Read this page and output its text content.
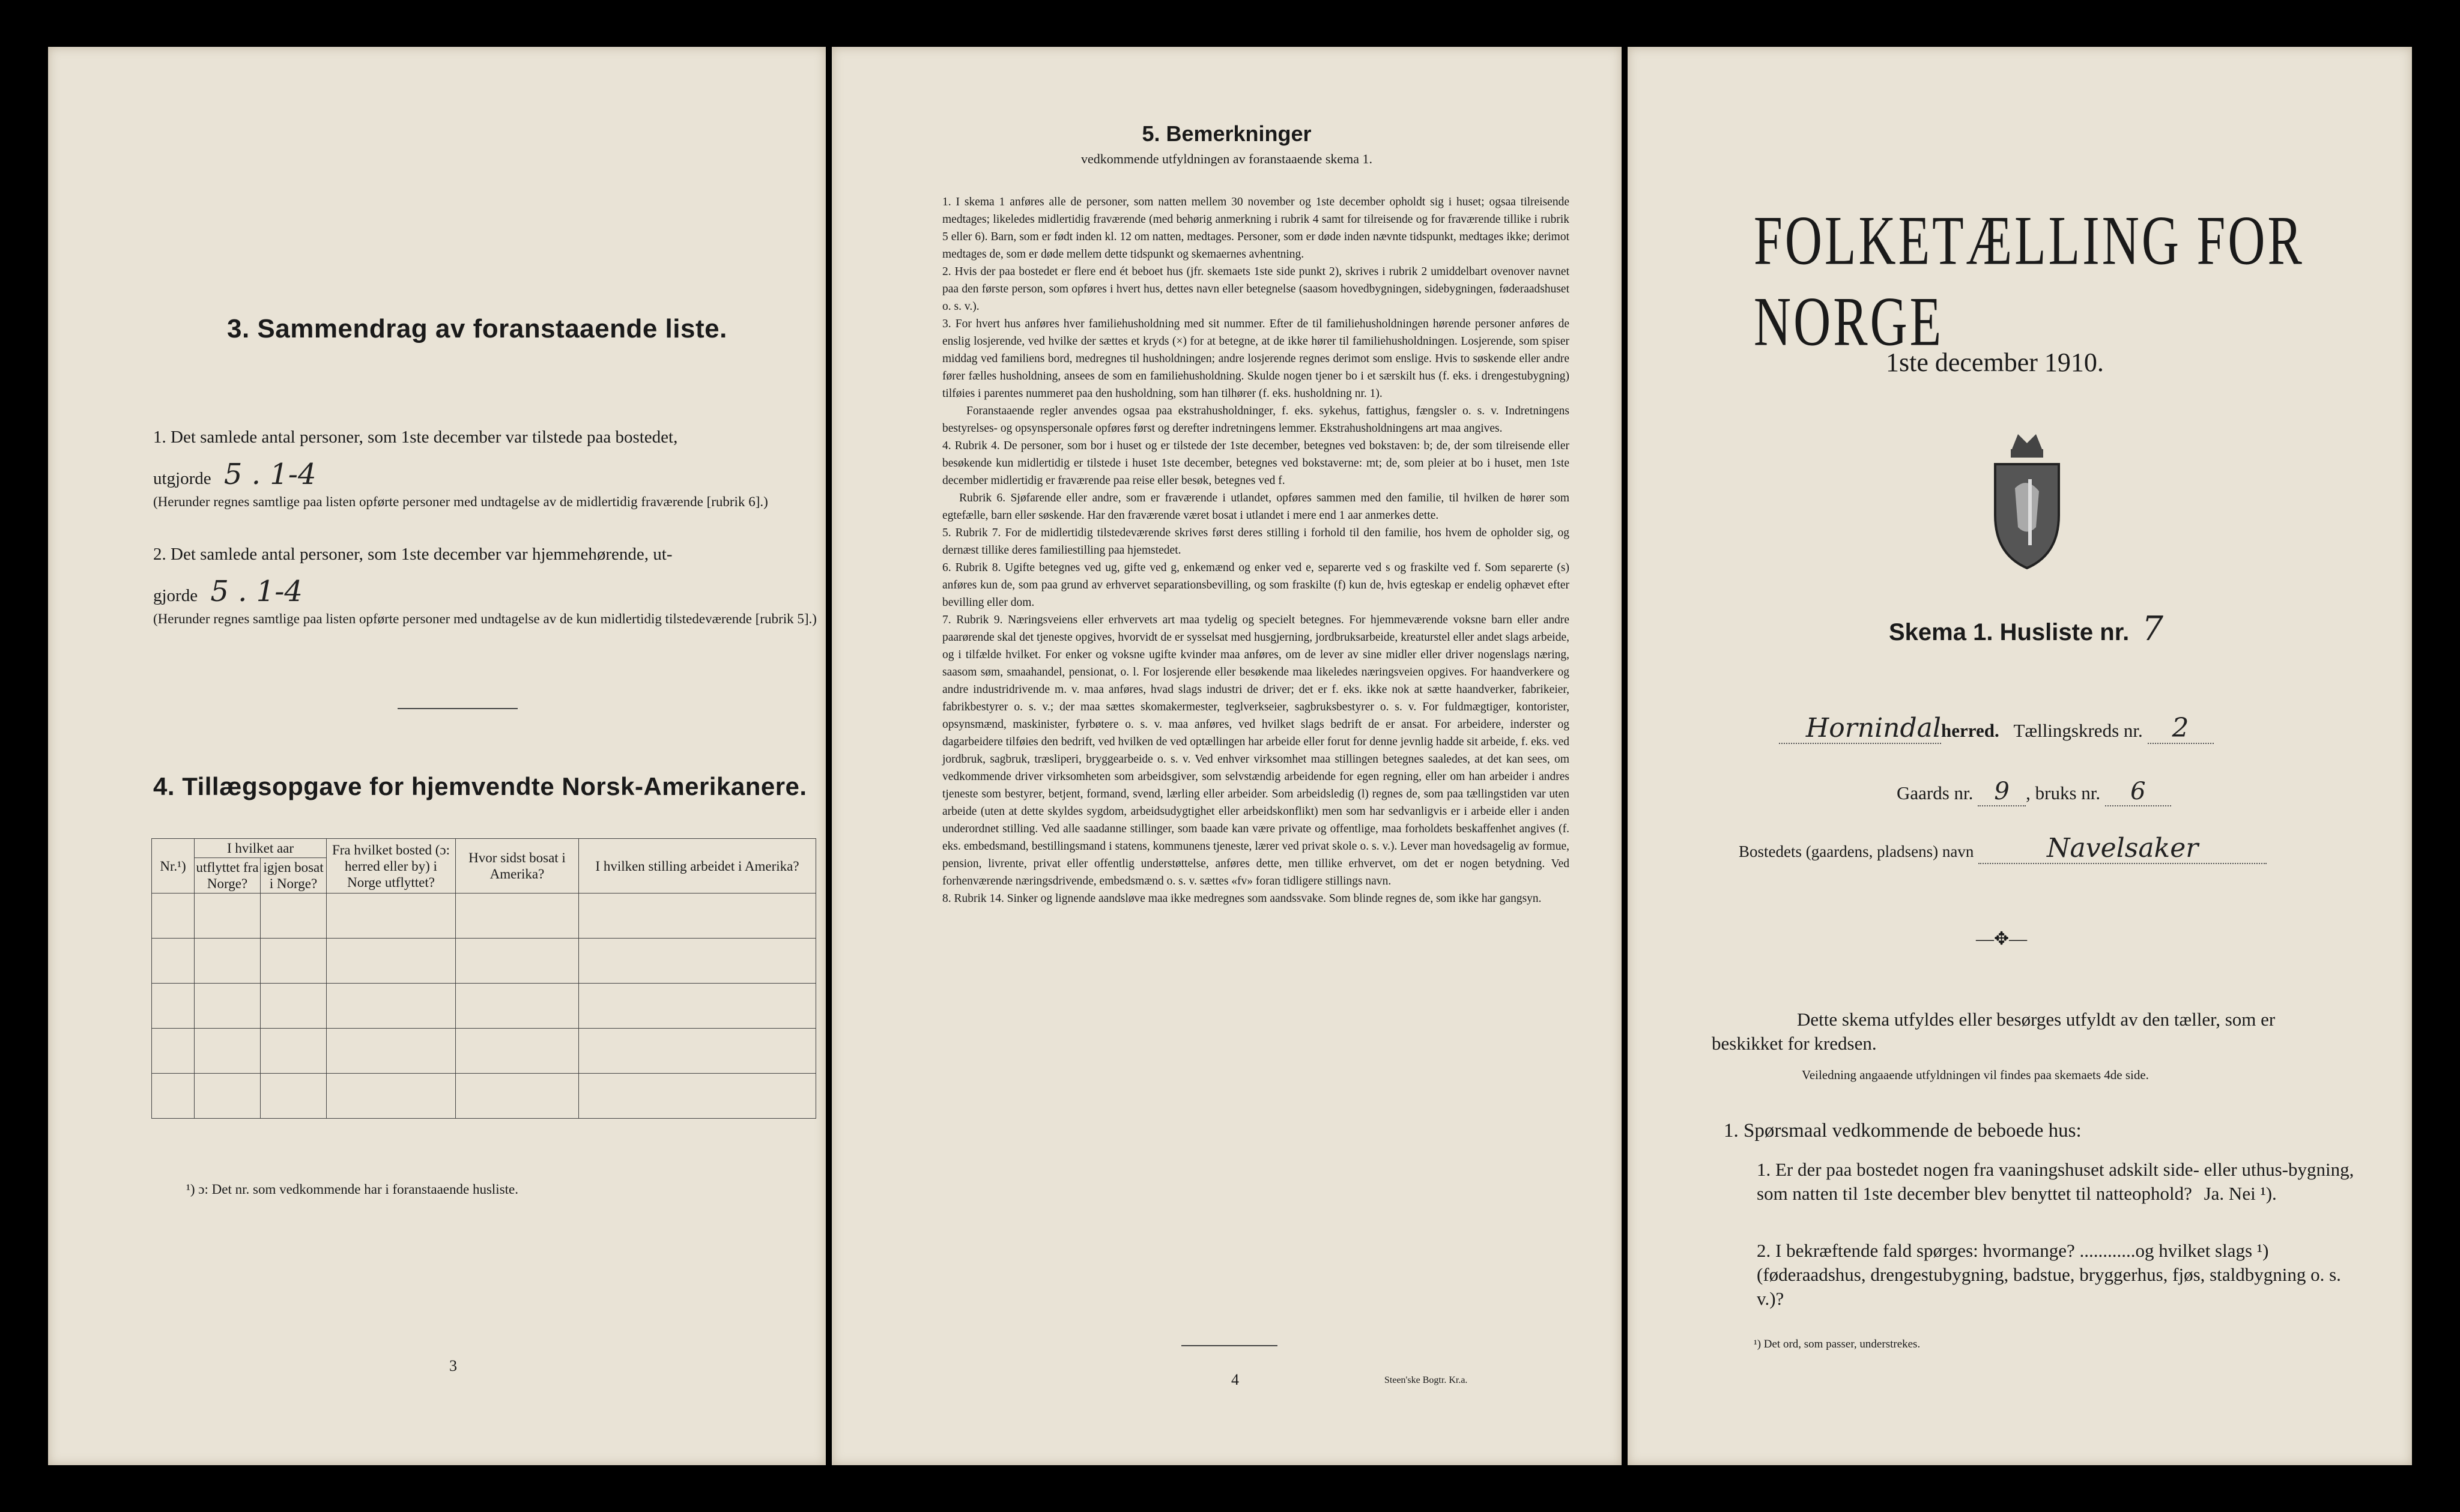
3. Sammendrag av foranstaaende liste.
1. Det samlede antal personer, som 1ste december var tilstede paa bostedet,
utgjorde 5 . 1-4
(Herunder regnes samtlige paa listen opførte personer med undtagelse av de midlertidig fraværende [rubrik 6].)
2. Det samlede antal personer, som 1ste december var hjemmehørende, ut-
gjorde 5 . 1-4
(Herunder regnes samtlige paa listen opførte personer med undtagelse av de kun midlertidig tilstedeværende [rubrik 5].)
4. Tillægsopgave for hjemvendte Norsk-Amerikanere.
Nr.¹)	I hvilket aar		Fra hvilket bosted (ɔ: herred eller by) i Norge utflyttet?	Hvor sidst bosat i Amerika?	I hvilken stilling arbeidet i Amerika?
	utflyttet fra Norge?	igjen bosat i Norge?			

¹) ɔ: Det nr. som vedkommende har i foranstaaende husliste.
3
5. Bemerkninger
vedkommende utfyldningen av foranstaaende skema 1.

1. I skema 1 anføres alle de personer, som natten mellem 30 november og 1ste december opholdt sig i huset; ogsaa tilreisende medtages; likeledes midlertidig fraværende (med behørig anmerkning i rubrik 4 samt for tilreisende og for fraværende tillike i rubrik 5 eller 6). Barn, som er født inden kl. 12 om natten, medtages. Personer, som er døde inden nævnte tidspunkt, medtages ikke; derimot medtages de, som er døde mellem dette tidspunkt og skemaernes avhentning.

2. Hvis der paa bostedet er flere end ét beboet hus (jfr. skemaets 1ste side punkt 2), skrives i rubrik 2 umiddelbart ovenover navnet paa den første person, som opføres i hvert hus, dettes navn eller betegnelse (saasom hovedbygningen, sidebygningen, føderaadshuset o. s. v.).

3. For hvert hus anføres hver familiehusholdning med sit nummer. Efter de til familiehusholdningen hørende personer anføres de enslig losjerende, ved hvilke der sættes et kryds (×) for at betegne, at de ikke hører til familiehusholdningen. Losjerende, som spiser middag ved familiens bord, medregnes til husholdningen; andre losjerende regnes derimot som enslige. Hvis to søskende eller andre fører fælles husholdning, ansees de som en familiehusholdning. Skulde nogen tjener bo i et særskilt hus (f. eks. i drengestubygning) tilføies i parentes nummeret paa den husholdning, som han tilhører (f. eks. husholdning nr. 1).

Foranstaaende regler anvendes ogsaa paa ekstrahusholdninger, f. eks. sykehus, fattighus, fængsler o. s. v. Indretningens bestyrelses- og opsynspersonale opføres først og derefter indretningens lemmer. Ekstrahusholdningens art maa angives.

4. Rubrik 4. De personer, som bor i huset og er tilstede der 1ste december, betegnes ved bokstaven: b; de, der som tilreisende eller besøkende kun midlertidig er tilstede i huset 1ste december, betegnes ved bokstaverne: mt; de, som pleier at bo i huset, men 1ste december midlertidig er fraværende paa reise eller besøk, betegnes ved f.

Rubrik 6. Sjøfarende eller andre, som er fraværende i utlandet, opføres sammen med den familie, til hvilken de hører som egtefælle, barn eller søskende. Har den fraværende været bosat i utlandet i mere end 1 aar anmerkes dette.

5. Rubrik 7. For de midlertidig tilstedeværende skrives først deres stilling i forhold til den familie, hos hvem de opholder sig, og dernæst tillike deres familiestilling paa hjemstedet.

6. Rubrik 8. Ugifte betegnes ved ug, gifte ved g, enkemænd og enker ved e, separerte ved s og fraskilte ved f. Som separerte (s) anføres kun de, som paa grund av erhvervet separationsbevilling, og som fraskilte (f) kun de, hvis egteskap er endelig ophævet efter bevilling eller dom.

7. Rubrik 9. Næringsveiens eller erhvervets art maa tydelig og specielt betegnes. For hjemmeværende voksne barn eller andre paarørende skal det tjeneste opgives, hvorvidt de er sysselsat med husgjerning, jordbruksarbeide, kreaturstel eller andet slags arbeide, og i tilfælde hvilket. For enker og voksne ugifte kvinder maa anføres, om de lever av sine midler eller driver nogenslags næring, saasom søm, smaahandel, pensionat, o. l. For losjerende eller besøkende maa likeledes næringsveien opgives. For haandverkere og andre industridrivende m. v. maa anføres, hvad slags industri de driver; det er f. eks. ikke nok at sætte haandverker, fabrikeier, fabrikbestyrer o. s. v.; der maa sættes skomakermester, teglverkseier, sagbruksbestyrer o. s. v. For fuldmægtiger, kontorister, opsynsmænd, maskinister, fyrbøtere o. s. v. maa anføres, ved hvilket slags bedrift de er ansat. For arbeidere, inderster og dagarbeidere tilføies den bedrift, ved hvilken de ved optællingen har arbeide eller forut for denne jevnlig hadde sit arbeide, f. eks. ved jordbruk, sagbruk, træsliperi, bryggearbeide o. s. v. Ved enhver virksomhet maa stillingen betegnes saaledes, at det kan sees, om vedkommende driver virksomheten som arbeidsgiver, som selvstændig arbeidende for egen regning, eller om han arbeider i andres tjeneste som bestyrer, betjent, formand, svend, lærling eller arbeider. Som arbeidsledig (l) regnes de, som paa tællingstiden var uten arbeide (uten at dette skyldes sygdom, arbeidsudygtighet eller arbeidskonflikt) men som har sedvanligvis er i arbeide eller i anden underordnet stilling. Ved alle saadanne stillinger, som baade kan være private og offentlige, maa forholdets beskaffenhet angives (f. eks. embedsmand, bestillingsmand i statens, kommunens tjeneste, lærer ved privat skole o. s. v.). Lever man hovedsagelig av formue, pension, livrente, privat eller offentlig understøttelse, anføres dette, men tillike erhvervet, om det er nogen betydning. Ved forhenværende næringsdrivende, embedsmænd o. s. v. sættes «fv» foran tidligere stillings navn.

8. Rubrik 14. Sinker og lignende aandsløve maa ikke medregnes som aandssvake. Som blinde regnes de, som ikke har gangsyn.

4	Steen'ske Bogtr. Kr.a.
FOLKETÆLLING FOR NORGE
1ste december 1910.
Skema 1. Husliste nr. 7
Hornindalherred. Tællingskreds nr. 2
Gaards nr. 9 , bruks nr. 6
Bostedets (gaardens, pladsens) navn	Navelsaker
—✥—
Dette skema utfyldes eller besørges utfyldt av den tæller, som er beskikket for kredsen.
Veiledning angaaende utfyldningen vil findes paa skemaets 4de side.
1. Spørsmaal vedkommende de beboede hus:
1. Er der paa bostedet nogen fra vaaningshuset adskilt side- eller uthus-bygning, som natten til 1ste december blev benyttet til natteophold? Ja. Nei ¹).
2. I bekræftende fald spørges: hvormange? ............og hvilket slags ¹) (føderaadshus, drengestubygning, badstue, bryggerhus, fjøs, staldbygning o. s. v.)?
¹) Det ord, som passer, understrekes.
